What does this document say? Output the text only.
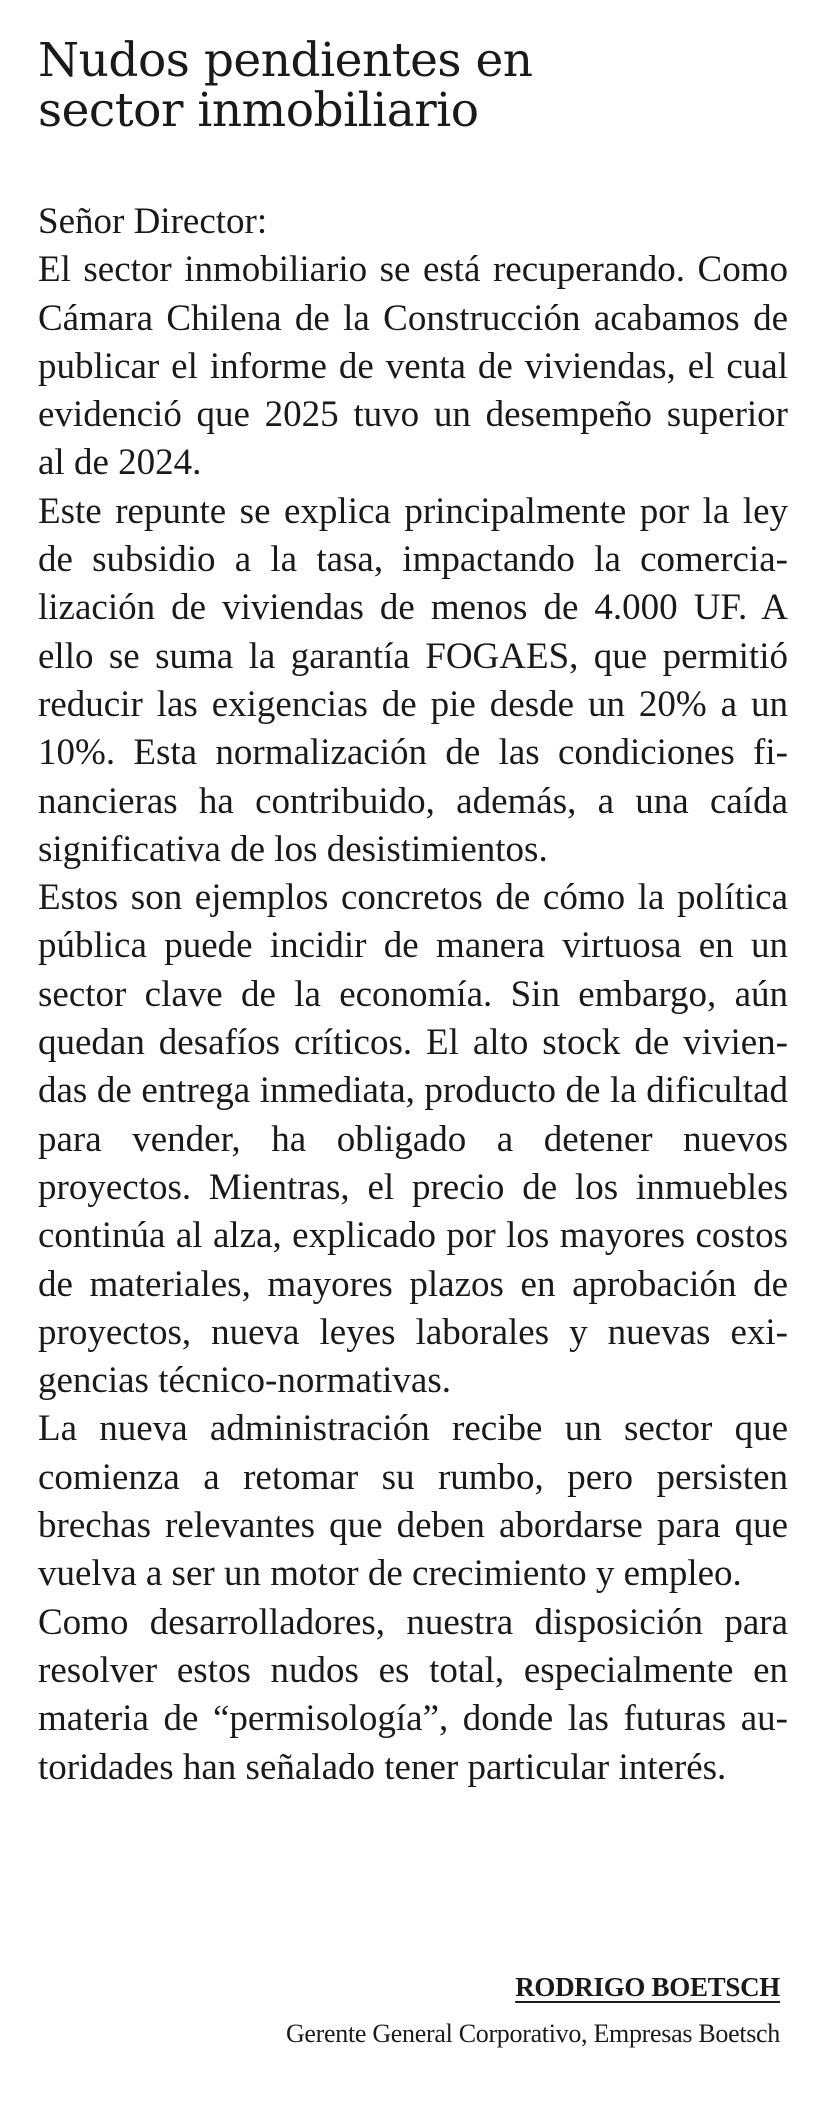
Nudos pendientes en
sector inmobiliario

Señor Director:

El sector inmobiliario se está recuperando. Como Cámara Chilena de la Construcción acabamos de publicar el informe de venta de viviendas, el cual evidenció que 2025 tuvo un desempeño superior al de 2024.

Este repunte se explica principalmente por la ley de subsidio a la tasa, impactando la comercialización de viviendas de menos de 4.000 UF. A ello se suma la garantía FOGAES, que permitió reducir las exigencias de pie desde un 20% a un 10%. Esta normalización de las condiciones financieras ha contribuido, además, a una caída significativa de los desistimientos.

Estos son ejemplos concretos de cómo la política pública puede incidir de manera virtuosa en un sector clave de la economía. Sin embargo, aún quedan desafíos críticos. El alto stock de viviendas de entrega inmediata, producto de la dificultad para vender, ha obligado a detener nuevos proyectos. Mientras, el precio de los inmuebles continúa al alza, explicado por los mayores costos de materiales, mayores plazos en aprobación de proyectos, nueva leyes laborales y nuevas exigencias técnico-normativas.

La nueva administración recibe un sector que comienza a retomar su rumbo, pero persisten brechas relevantes que deben abordarse para que vuelva a ser un motor de crecimiento y empleo.

Como desarrolladores, nuestra disposición para resolver estos nudos es total, especialmente en materia de “permisología”, donde las futuras autoridades han señalado tener particular interés.

RODRIGO BOETSCH
Gerente General Corporativo, Empresas Boetsch
